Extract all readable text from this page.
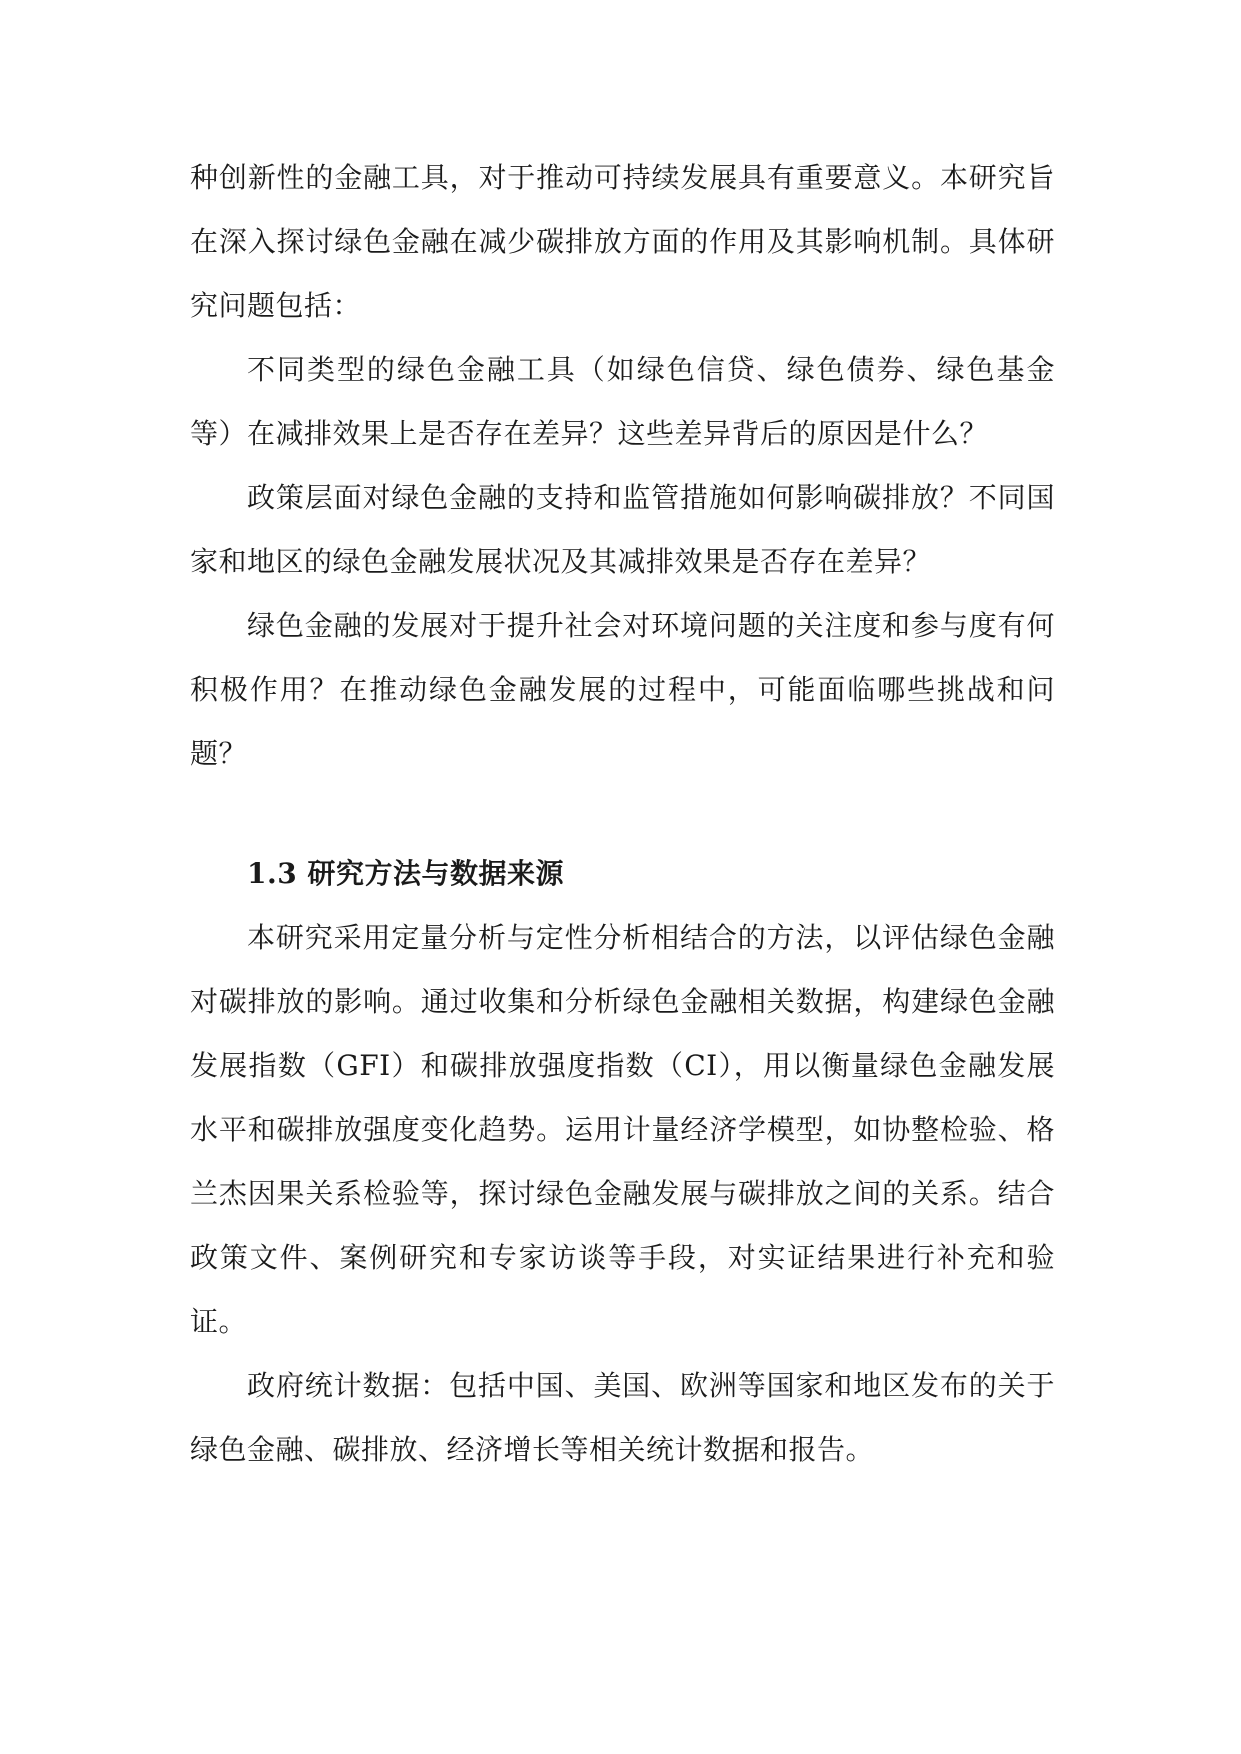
种创新性的金融工具，对于推动可持续发展具有重要意义。本研究旨在深入探讨绿色金融在减少碳排放方面的作用及其影响机制。具体研究问题包括：

不同类型的绿色金融工具（如绿色信贷、绿色债券、绿色基金等）在减排效果上是否存在差异？这些差异背后的原因是什么？

政策层面对绿色金融的支持和监管措施如何影响碳排放？不同国家和地区的绿色金融发展状况及其减排效果是否存在差异？

绿色金融的发展对于提升社会对环境问题的关注度和参与度有何积极作用？在推动绿色金融发展的过程中，可能面临哪些挑战和问题？

1.3 研究方法与数据来源

本研究采用定量分析与定性分析相结合的方法，以评估绿色金融对碳排放的影响。通过收集和分析绿色金融相关数据，构建绿色金融发展指数（GFI）和碳排放强度指数（CI），用以衡量绿色金融发展水平和碳排放强度变化趋势。运用计量经济学模型，如协整检验、格兰杰因果关系检验等，探讨绿色金融发展与碳排放之间的关系。结合政策文件、案例研究和专家访谈等手段，对实证结果进行补充和验证。

政府统计数据：包括中国、美国、欧洲等国家和地区发布的关于绿色金融、碳排放、经济增长等相关统计数据和报告。
